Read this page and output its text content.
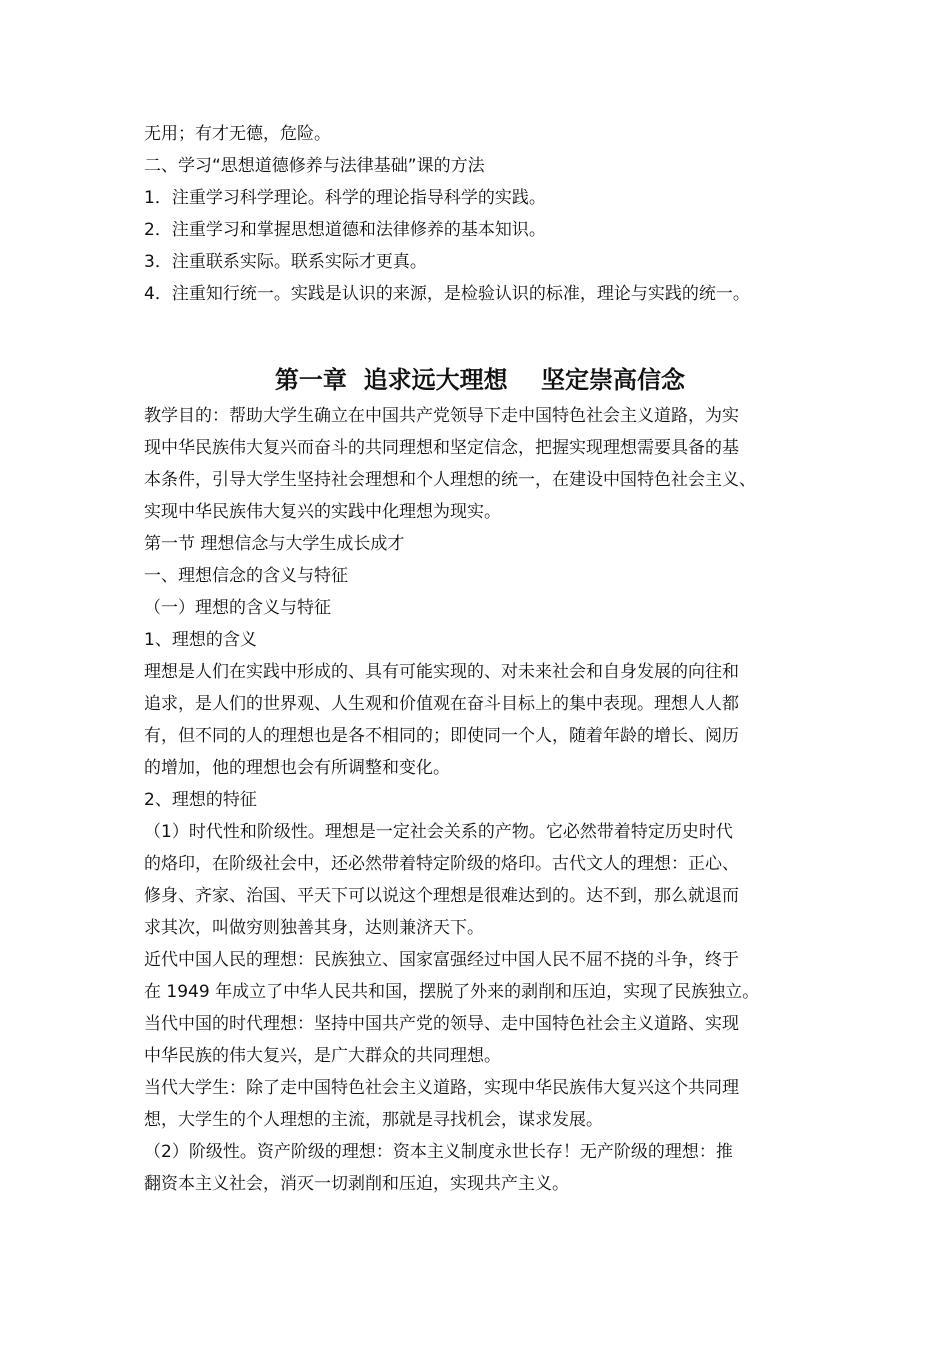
无用；有才无德，危险。
二、学习“思想道德修养与法律基础”课的方法
1．注重学习科学理论。科学的理论指导科学的实践。
2．注重学习和掌握思想道德和法律修养的基本知识。
3．注重联系实际。联系实际才更真。
4．注重知行统一。实践是认识的来源，是检验认识的标准，理论与实践的统一。
第一章  追求远大理想    坚定崇高信念
教学目的：帮助大学生确立在中国共产党领导下走中国特色社会主义道路，为实
现中华民族伟大复兴而奋斗的共同理想和坚定信念，把握实现理想需要具备的基
本条件，引导大学生坚持社会理想和个人理想的统一，在建设中国特色社会主义、
实现中华民族伟大复兴的实践中化理想为现实。
第一节 理想信念与大学生成长成才
一、理想信念的含义与特征
（一）理想的含义与特征
1、理想的含义
理想是人们在实践中形成的、具有可能实现的、对未来社会和自身发展的向往和
追求，是人们的世界观、人生观和价值观在奋斗目标上的集中表现。理想人人都
有，但不同的人的理想也是各不相同的；即使同一个人，随着年龄的增长、阅历
的增加，他的理想也会有所调整和变化。
2、理想的特征
（1）时代性和阶级性。理想是一定社会关系的产物。它必然带着特定历史时代
的烙印，在阶级社会中，还必然带着特定阶级的烙印。古代文人的理想：正心、
修身、齐家、治国、平天下可以说这个理想是很难达到的。达不到，那么就退而
求其次，叫做穷则独善其身，达则兼济天下。
近代中国人民的理想：民族独立、国家富强经过中国人民不屈不挠的斗争，终于
在 1949 年成立了中华人民共和国，摆脱了外来的剥削和压迫，实现了民族独立。
当代中国的时代理想：坚持中国共产党的领导、走中国特色社会主义道路、实现
中华民族的伟大复兴，是广大群众的共同理想。
当代大学生：除了走中国特色社会主义道路，实现中华民族伟大复兴这个共同理
想，大学生的个人理想的主流，那就是寻找机会，谋求发展。
（2）阶级性。资产阶级的理想：资本主义制度永世长存！无产阶级的理想：推
翻资本主义社会，消灭一切剥削和压迫，实现共产主义。
